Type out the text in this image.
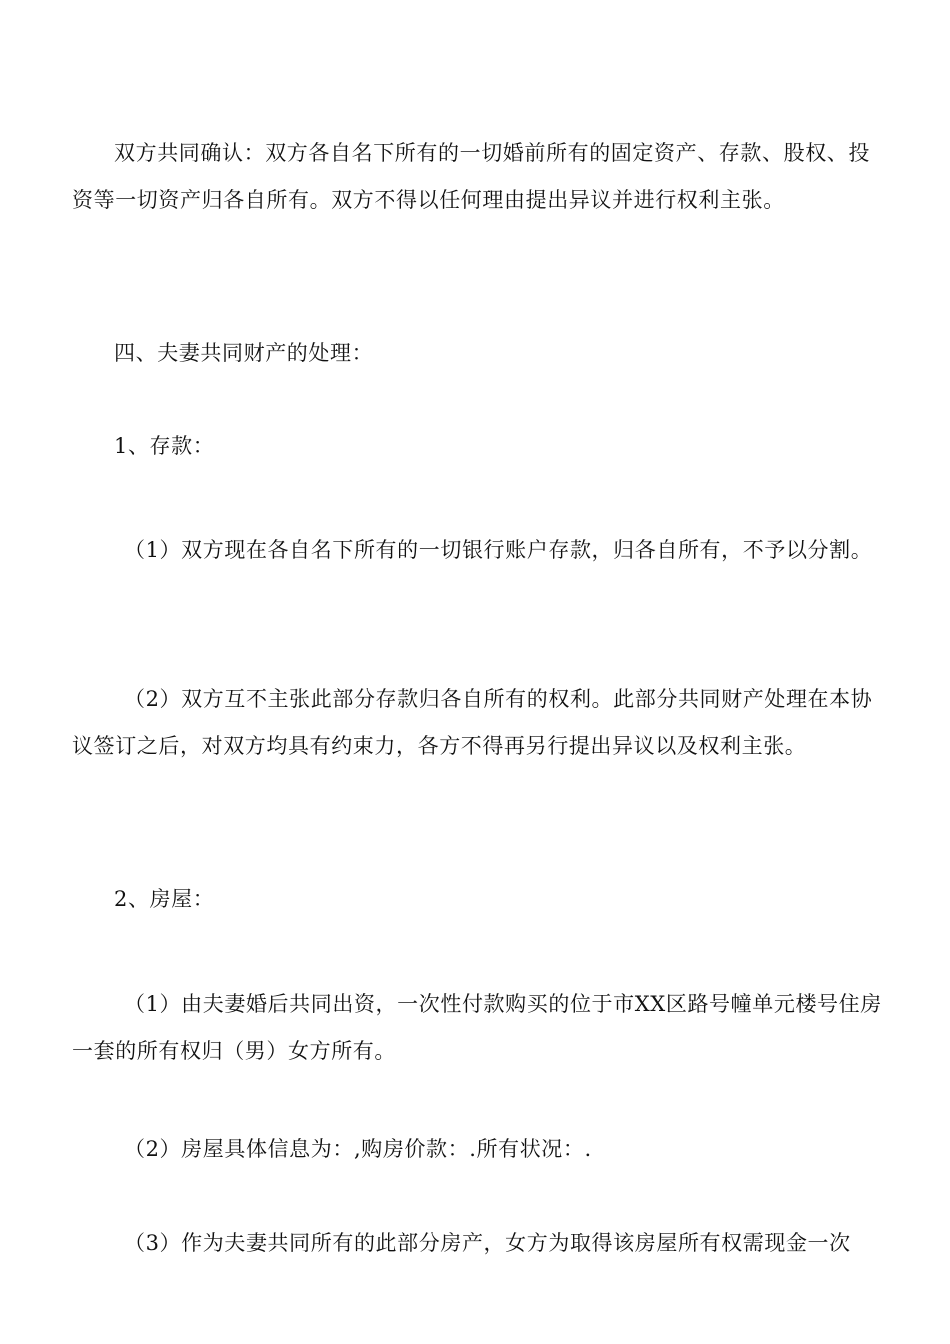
双方共同确认：双方各自名下所有的一切婚前所有的固定资产、存款、股权、投资等一切资产归各自所有。双方不得以任何理由提出异议并进行权利主张。

四、夫妻共同财产的处理：

1、存款：

（1）双方现在各自名下所有的一切银行账户存款，归各自所有，不予以分割。

（2）双方互不主张此部分存款归各自所有的权利。此部分共同财产处理在本协议签订之后，对双方均具有约束力，各方不得再另行提出异议以及权利主张。

2、房屋：

（1）由夫妻婚后共同出资，一次性付款购买的位于市XX区路号幢单元楼号住房一套的所有权归（男）女方所有。

（2）房屋具体信息为：,购房价款：.所有状况：.

（3）作为夫妻共同所有的此部分房产，女方为取得该房屋所有权需现金一次
